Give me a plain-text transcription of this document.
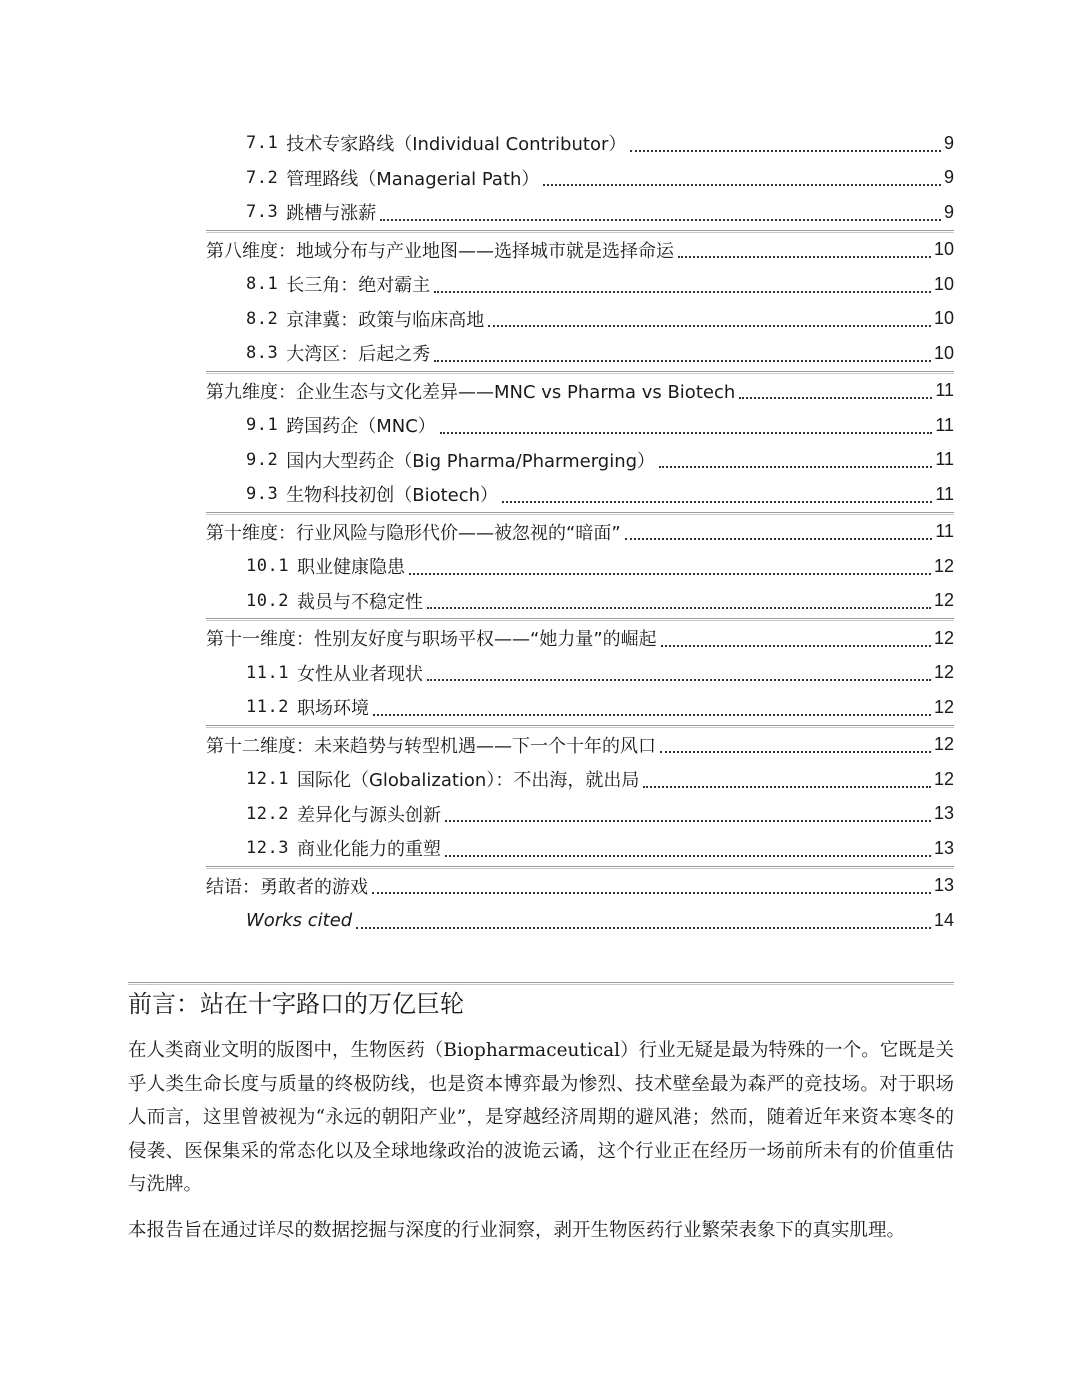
7.1 技术专家路线（Individual Contributor）	9
7.2 管理路线（Managerial Path）	9
7.3 跳槽与涨薪	9
第八维度：地域分布与产业地图——选择城市就是选择命运	10
8.1 长三角：绝对霸主	10
8.2 京津冀：政策与临床高地	10
8.3 大湾区：后起之秀	10
第九维度：企业生态与文化差异——MNC vs Pharma vs Biotech	11
9.1 跨国药企（MNC）	11
9.2 国内大型药企（Big Pharma/Pharmerging）	11
9.3 生物科技初创（Biotech）	11
第十维度：行业风险与隐形代价——被忽视的“暗面”	11
10.1 职业健康隐患	12
10.2 裁员与不稳定性	12
第十一维度：性别友好度与职场平权——“她力量”的崛起	12
11.1 女性从业者现状	12
11.2 职场环境	12
第十二维度：未来趋势与转型机遇——下一个十年的风口	12
12.1 国际化（Globalization）：不出海，就出局	12
12.2 差异化与源头创新	13
12.3 商业化能力的重塑	13
结语：勇敢者的游戏	13
Works cited	14
前言：站在十字路口的万亿巨轮
在人类商业文明的版图中，生物医药（Biopharmaceutical）行业无疑是最为特殊的一个。它既是关乎人类生命长度与质量的终极防线，也是资本博弈最为惨烈、技术壁垒最为森严的竞技场。对于职场人而言，这里曾被视为“永远的朝阳产业”，是穿越经济周期的避风港；然而，随着近年来资本寒冬的侵袭、医保集采的常态化以及全球地缘政治的波诡云谲，这个行业正在经历一场前所未有的价值重估与洗牌。
本报告旨在通过详尽的数据挖掘与深度的行业洞察，剥开生物医药行业繁荣表象下的真实肌理。
